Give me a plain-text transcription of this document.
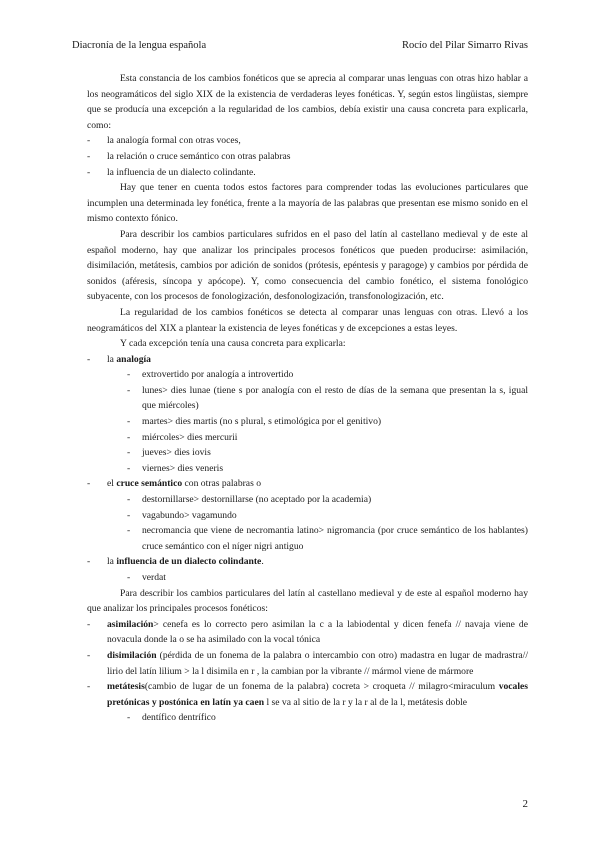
Diacronía de la lengua española	Rocío del Pilar Simarro Rivas

Esta constancia de los cambios fonéticos que se aprecia al comparar unas lenguas con otras hizo hablar a los neogramáticos del siglo XIX de la existencia de verdaderas leyes fonéticas. Y, según estos lingüistas, siempre que se producía una excepción a la regularidad de los cambios, debía existir una causa concreta para explicarla, como:

- la analogía formal con otras voces,
- la relación o cruce semántico con otras palabras
- la influencia de un dialecto colindante.

Hay que tener en cuenta todos estos factores para comprender todas las evoluciones particulares que incumplen una determinada ley fonética, frente a la mayoría de las palabras que presentan ese mismo sonido en el mismo contexto fónico.

Para describir los cambios particulares sufridos en el paso del latín al castellano medieval y de este al español moderno, hay que analizar los principales procesos fonéticos que pueden producirse: asimilación, disimilación, metátesis, cambios por adición de sonidos (prótesis, epéntesis y paragoge) y cambios por pérdida de sonidos (aféresis, síncopa y apócope). Y, como consecuencia del cambio fonético, el sistema fonológico subyacente, con los procesos de fonologización, desfonologización, transfonologización, etc.

La regularidad de los cambios fonéticos se detecta al comparar unas lenguas con otras. Llevó a los neogramáticos del XIX a plantear la existencia de leyes fonéticas y de excepciones a estas leyes.

Y cada excepción tenía una causa concreta para explicarla:

- la analogía
- extrovertido por analogía a introvertido
- lunes> dies lunae (tiene s por analogía con el resto de días de la semana que presentan la s, igual que miércoles)
- martes> dies martis (no s plural, s etimológica por el genitivo)
- miércoles> dies mercurii
- jueves> dies iovis
- viernes> dies veneris
- el cruce semántico con otras palabras o
- destornillarse> destornillarse (no aceptado por la academia)
- vagabundo> vagamundo
- necromancia que viene de necromantia latino> nigromancia (por cruce semántico de los hablantes) cruce semántico con el níger nigri antiguo
- la influencia de un dialecto colindante.
- verdat

Para describir los cambios particulares del latín al castellano medieval y de este al español moderno hay que analizar los principales procesos fonéticos:

- asimilación> cenefa es lo correcto pero asimilan la c a la labiodental y dicen fenefa // navaja viene de novacula donde la o se ha asimilado con la vocal tónica
- disimilación (pérdida de un fonema de la palabra o intercambio con otro) madastra en lugar de madrastra// lirio del latín lilium > la l disimila en r , la cambian por la vibrante // mármol viene de mármore
- metátesis(cambio de lugar de un fonema de la palabra) cocreta > croqueta // milagro<miraculum vocales pretónicas y postónica en latín ya caen l se va al sitio de la r y la r al de la l, metátesis doble
- dentífico dentrífico
2
